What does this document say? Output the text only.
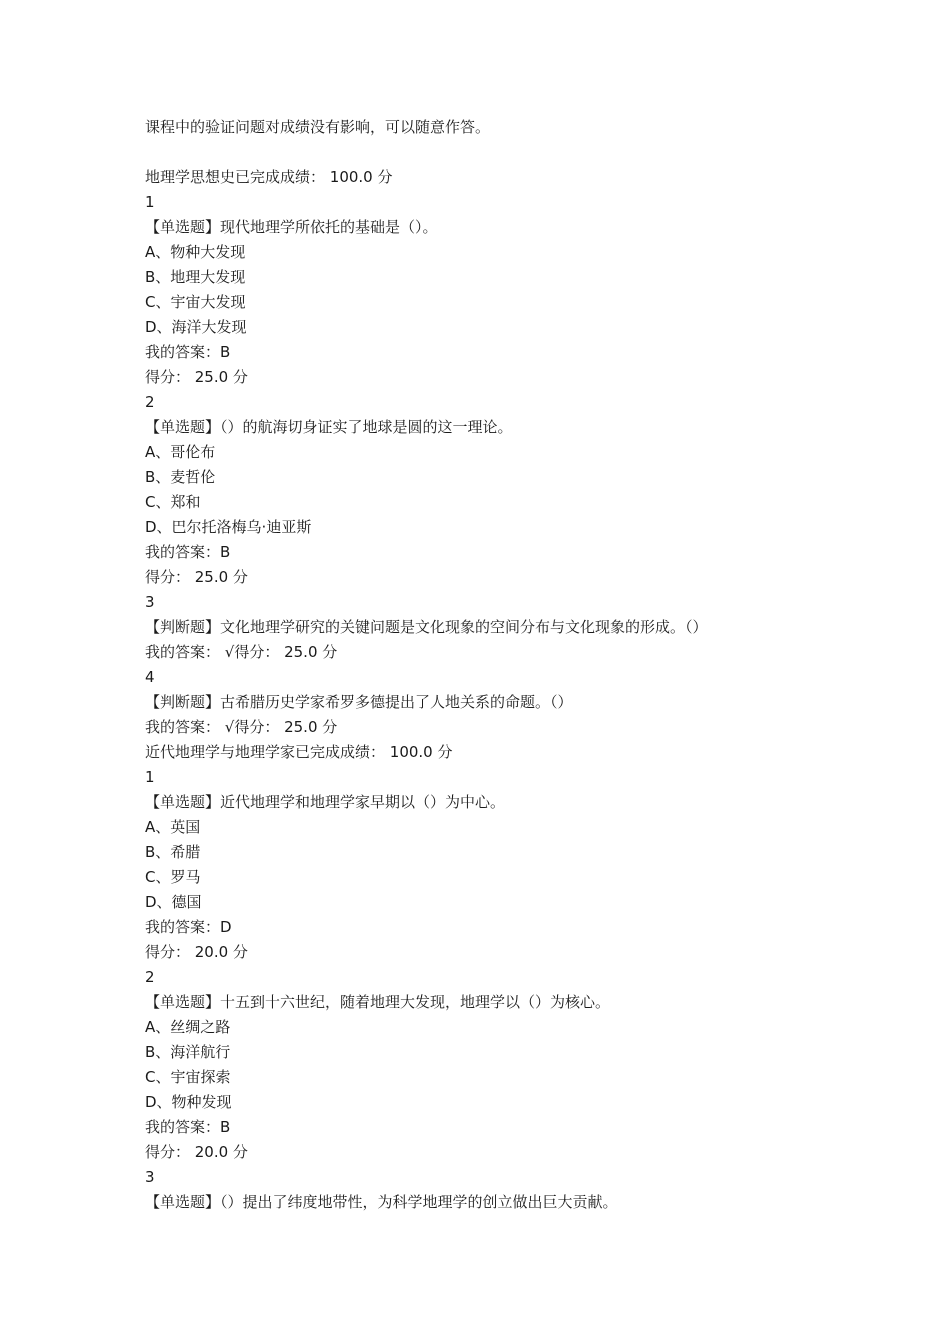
课程中的验证问题对成绩没有影响，可以随意作答。
地理学思想史已完成成绩： 100.0 分
1
【单选题】现代地理学所依托的基础是（）。
A、物种大发现
B、地理大发现
C、宇宙大发现
D、海洋大发现
我的答案：B
得分： 25.0 分
2
【单选题】（）的航海切身证实了地球是圆的这一理论。
A、哥伦布
B、麦哲伦
C、郑和
D、巴尔托洛梅乌·迪亚斯
我的答案：B
得分： 25.0 分
3
【判断题】文化地理学研究的关键问题是文化现象的空间分布与文化现象的形成。（）
我的答案： √得分： 25.0 分
4
【判断题】古希腊历史学家希罗多德提出了人地关系的命题。（）
我的答案： √得分： 25.0 分
近代地理学与地理学家已完成成绩： 100.0 分
1
【单选题】近代地理学和地理学家早期以（）为中心。
A、英国
B、希腊
C、罗马
D、德国
我的答案：D
得分： 20.0 分
2
【单选题】十五到十六世纪，随着地理大发现，地理学以（）为核心。
A、丝绸之路
B、海洋航行
C、宇宙探索
D、物种发现
我的答案：B
得分： 20.0 分
3
【单选题】（）提出了纬度地带性，为科学地理学的创立做出巨大贡献。
